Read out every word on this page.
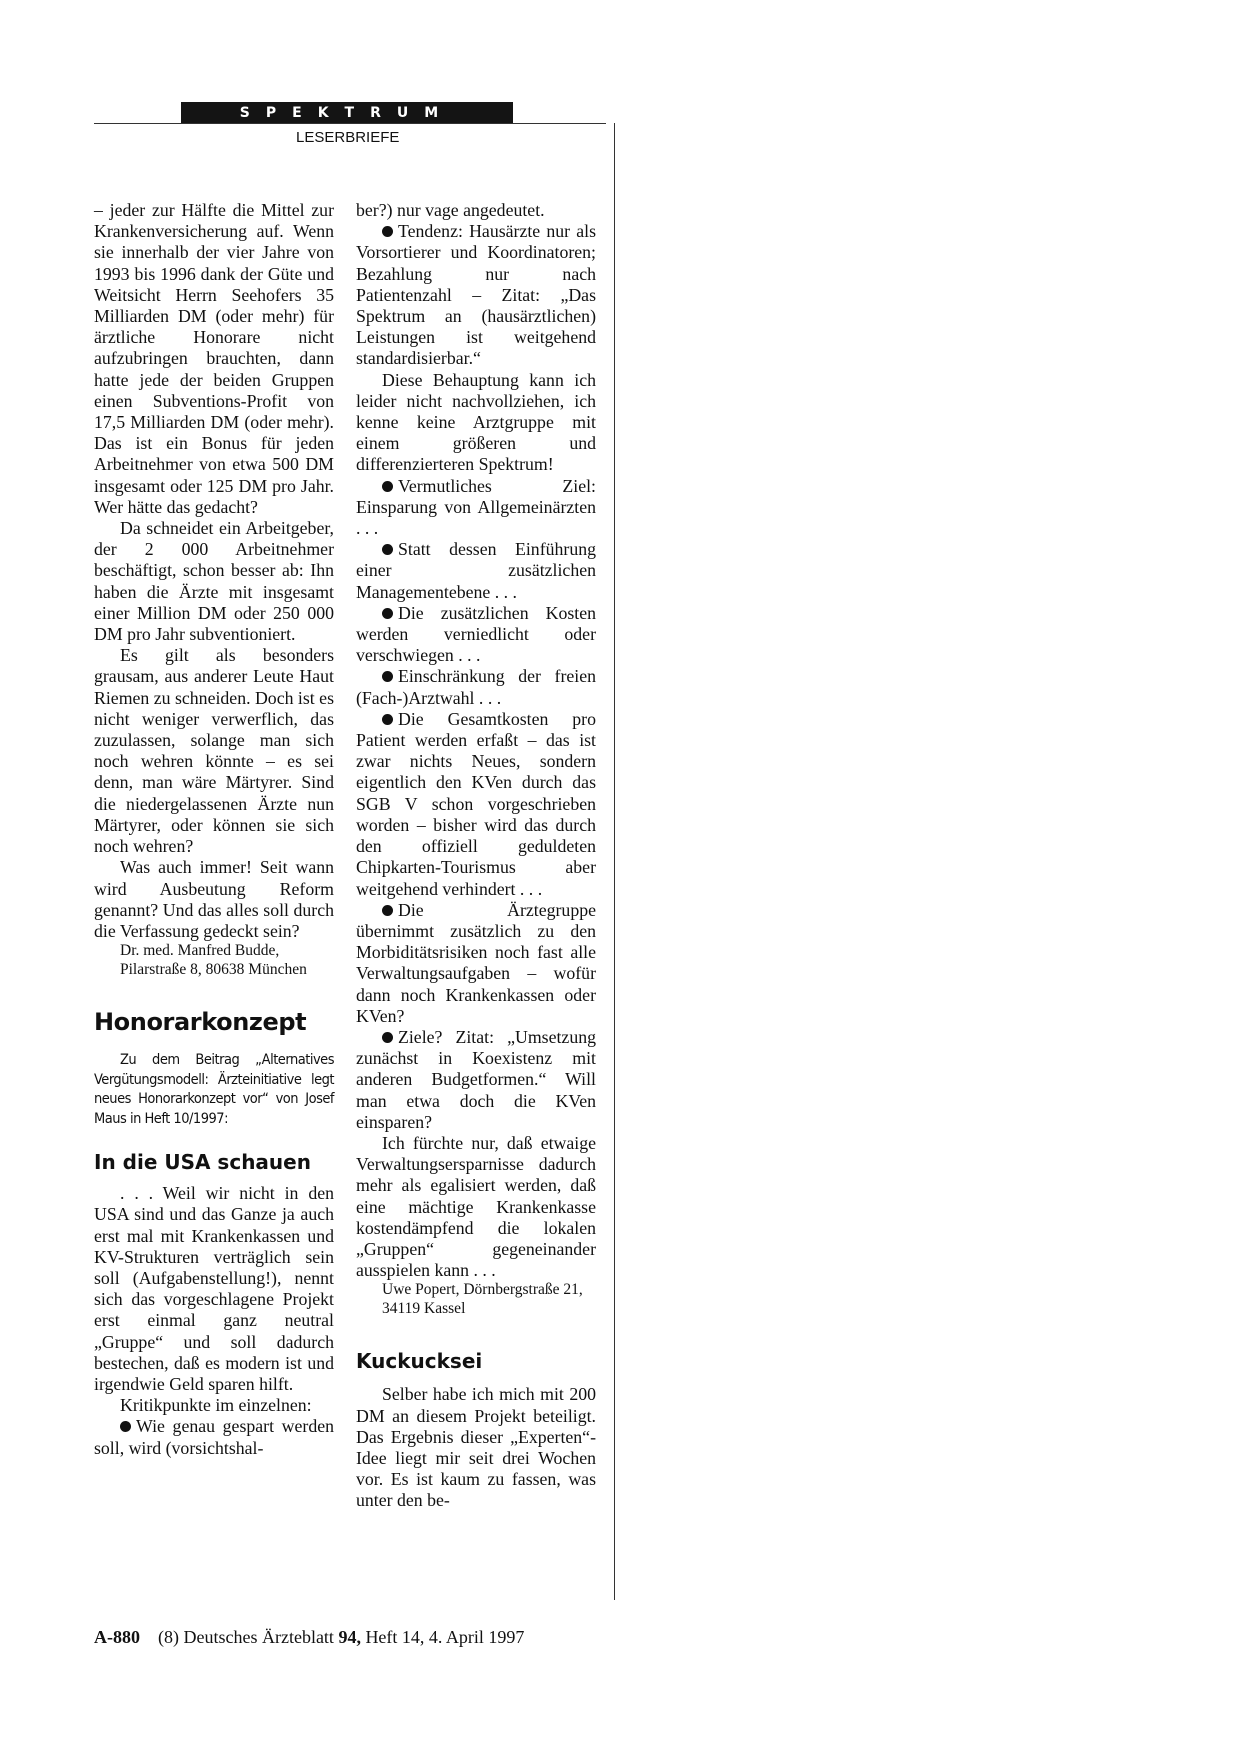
SPEKTRUM
LESERBRIEFE

– jeder zur Hälfte die Mittel zur Krankenversicherung auf. Wenn sie innerhalb der vier Jahre von 1993 bis 1996 dank der Güte und Weitsicht Herrn Seehofers 35 Milliarden DM (oder mehr) für ärztliche Honorare nicht aufzubringen brauchten, dann hatte jede der beiden Gruppen einen Subventions-Profit von 17,5 Milliarden DM (oder mehr). Das ist ein Bonus für jeden Arbeitnehmer von etwa 500 DM insgesamt oder 125 DM pro Jahr. Wer hätte das gedacht?

Da schneidet ein Arbeitgeber, der 2 000 Arbeitnehmer beschäftigt, schon besser ab: Ihn haben die Ärzte mit insgesamt einer Million DM oder 250 000 DM pro Jahr subventioniert.

Es gilt als besonders grausam, aus anderer Leute Haut Riemen zu schneiden. Doch ist es nicht weniger verwerflich, das zuzulassen, solange man sich noch wehren könnte – es sei denn, man wäre Märtyrer. Sind die niedergelassenen Ärzte nun Märtyrer, oder können sie sich noch wehren?

Was auch immer! Seit wann wird Ausbeutung Reform genannt? Und das alles soll durch die Verfassung gedeckt sein?

Dr. med. Manfred Budde, Pilarstraße 8, 80638 München

Honorarkonzept

Zu dem Beitrag „Alternatives Vergütungsmodell: Ärzteinitiative legt neues Honorarkonzept vor“ von Josef Maus in Heft 10/1997:

In die USA schauen

. . . Weil wir nicht in den USA sind und das Ganze ja auch erst mal mit Krankenkassen und KV-Strukturen verträglich sein soll (Aufgabenstellung!), nennt sich das vorgeschlagene Projekt erst einmal ganz neutral „Gruppe“ und soll dadurch bestechen, daß es modern ist und irgendwie Geld sparen hilft.

Kritikpunkte im einzelnen:

Wie genau gespart werden soll, wird (vorsichtshal-

ber?) nur vage angedeutet.

Tendenz: Hausärzte nur als Vorsortierer und Koordinatoren; Bezahlung nur nach Patientenzahl – Zitat: „Das Spektrum an (hausärztlichen) Leistungen ist weitgehend standardisierbar.“

Diese Behauptung kann ich leider nicht nachvollziehen, ich kenne keine Arztgruppe mit einem größeren und differenzierteren Spektrum!

Vermutliches Ziel: Einsparung von Allgemeinärzten . . .

Statt dessen Einführung einer zusätzlichen Managementebene . . .

Die zusätzlichen Kosten werden verniedlicht oder verschwiegen . . .

Einschränkung der freien (Fach-)Arztwahl . . .

Die Gesamtkosten pro Patient werden erfaßt – das ist zwar nichts Neues, sondern eigentlich den KVen durch das SGB V schon vorgeschrieben worden – bisher wird das durch den offiziell geduldeten Chipkarten-Tourismus aber weitgehend verhindert . . .

Die Ärztegruppe übernimmt zusätzlich zu den Morbiditätsrisiken noch fast alle Verwaltungsaufgaben – wofür dann noch Krankenkassen oder KVen?

Ziele? Zitat: „Umsetzung zunächst in Koexistenz mit anderen Budgetformen.“ Will man etwa doch die KVen einsparen?

Ich fürchte nur, daß etwaige Verwaltungsersparnisse dadurch mehr als egalisiert werden, daß eine mächtige Krankenkasse kostendämpfend die lokalen „Gruppen“ gegeneinander ausspielen kann . . .

Uwe Popert, Dörnbergstraße 21, 34119 Kassel

Kuckucksei

Selber habe ich mich mit 200 DM an diesem Projekt beteiligt. Das Ergebnis dieser „Experten“-Idee liegt mir seit drei Wochen vor. Es ist kaum zu fassen, was unter den be-

A-880 (8) Deutsches Ärzteblatt 94, Heft 14, 4. April 1997
